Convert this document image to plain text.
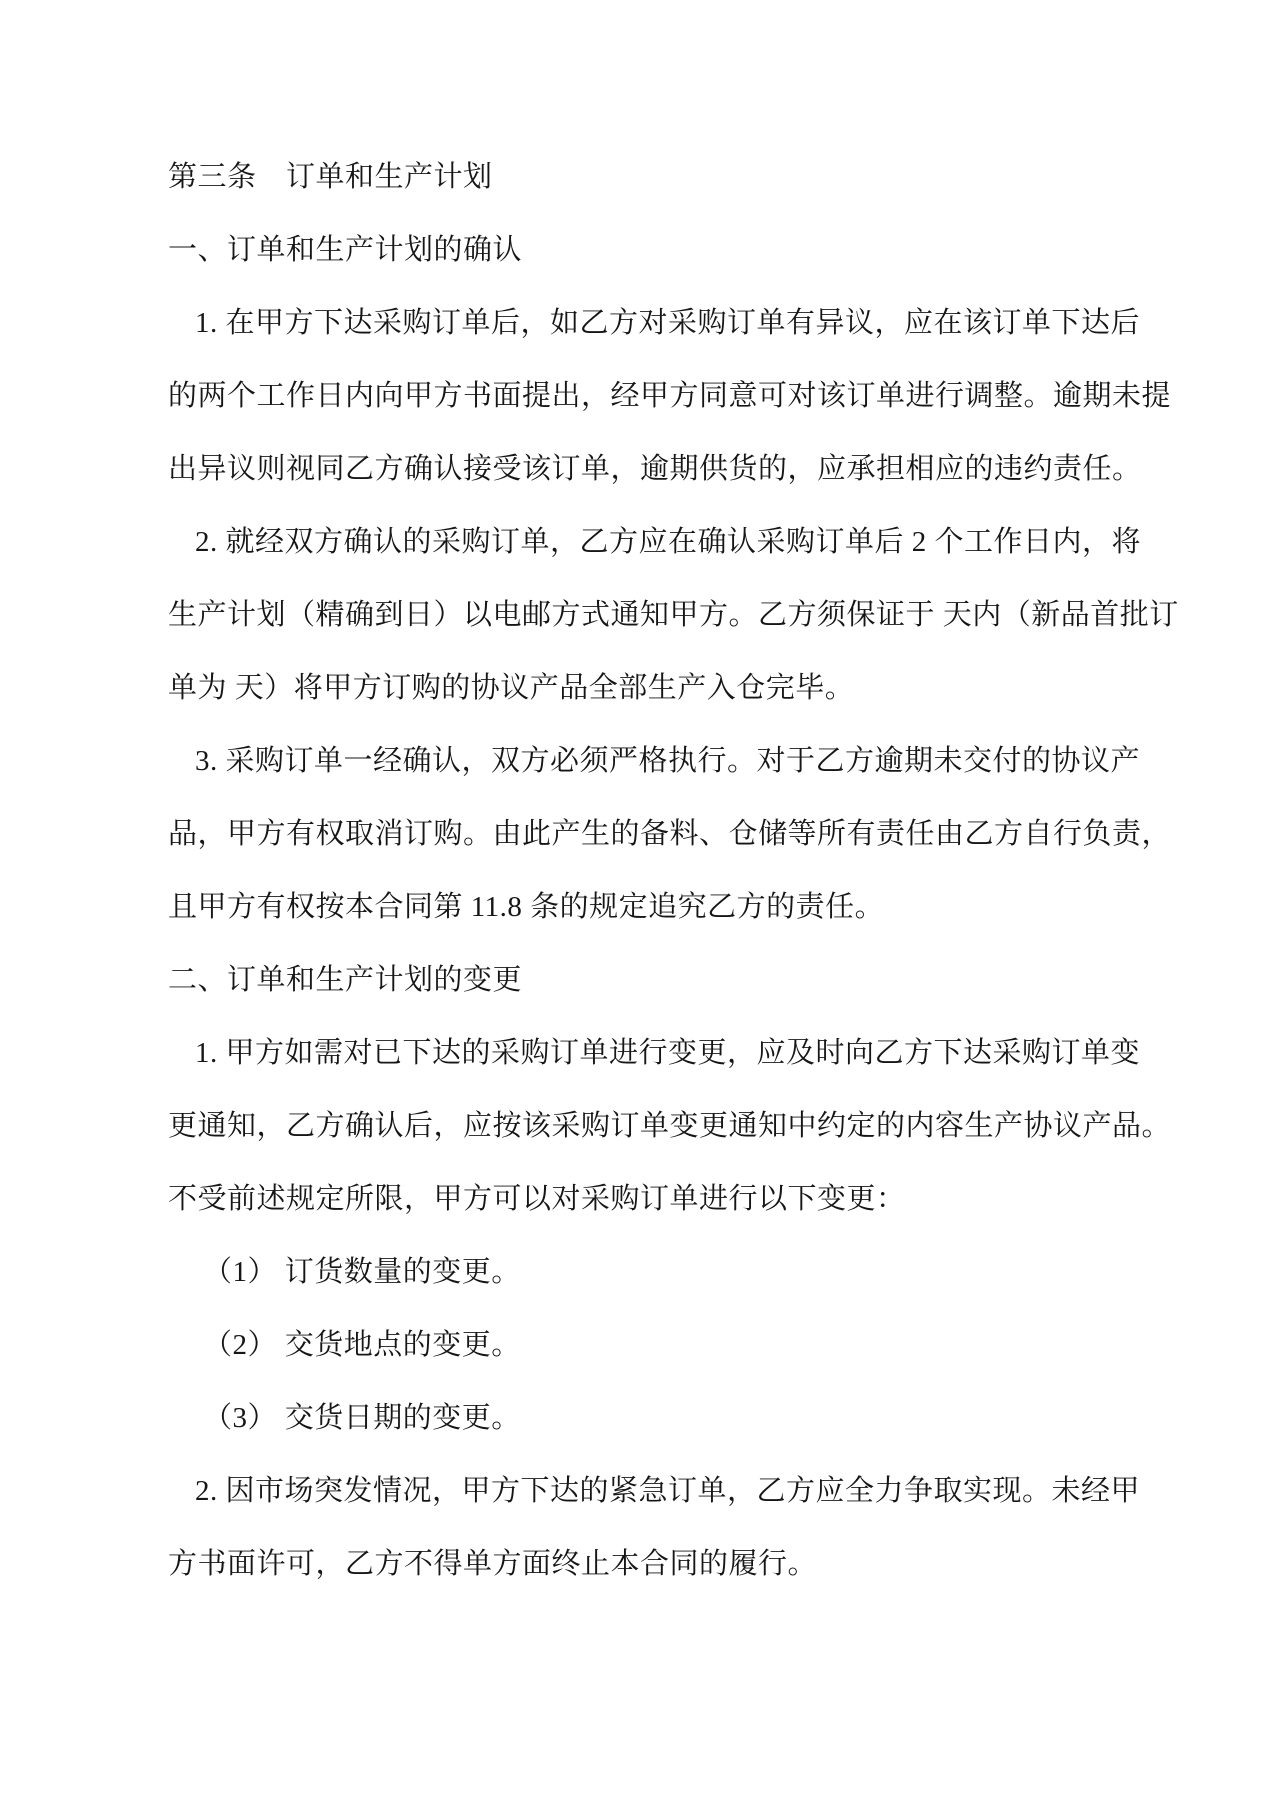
第三条　订单和生产计划
一、订单和生产计划的确认
1. 在甲方下达采购订单后，如乙方对采购订单有异议，应在该订单下达后
的两个工作日内向甲方书面提出，经甲方同意可对该订单进行调整。逾期未提
出异议则视同乙方确认接受该订单，逾期供货的，应承担相应的违约责任。
2. 就经双方确认的采购订单，乙方应在确认采购订单后 2 个工作日内，将
生产计划（精确到日）以电邮方式通知甲方。乙方须保证于 天内（新品首批订
单为 天）将甲方订购的协议产品全部生产入仓完毕。
3. 采购订单一经确认，双方必须严格执行。对于乙方逾期未交付的协议产
品，甲方有权取消订购。由此产生的备料、仓储等所有责任由乙方自行负责，
且甲方有权按本合同第 11.8 条的规定追究乙方的责任。
二、订单和生产计划的变更
1. 甲方如需对已下达的采购订单进行变更，应及时向乙方下达采购订单变
更通知，乙方确认后，应按该采购订单变更通知中约定的内容生产协议产品。
不受前述规定所限，甲方可以对采购订单进行以下变更：
（1） 订货数量的变更。
（2） 交货地点的变更。
（3） 交货日期的变更。
2. 因市场突发情况，甲方下达的紧急订单，乙方应全力争取实现。未经甲
方书面许可，乙方不得单方面终止本合同的履行。
